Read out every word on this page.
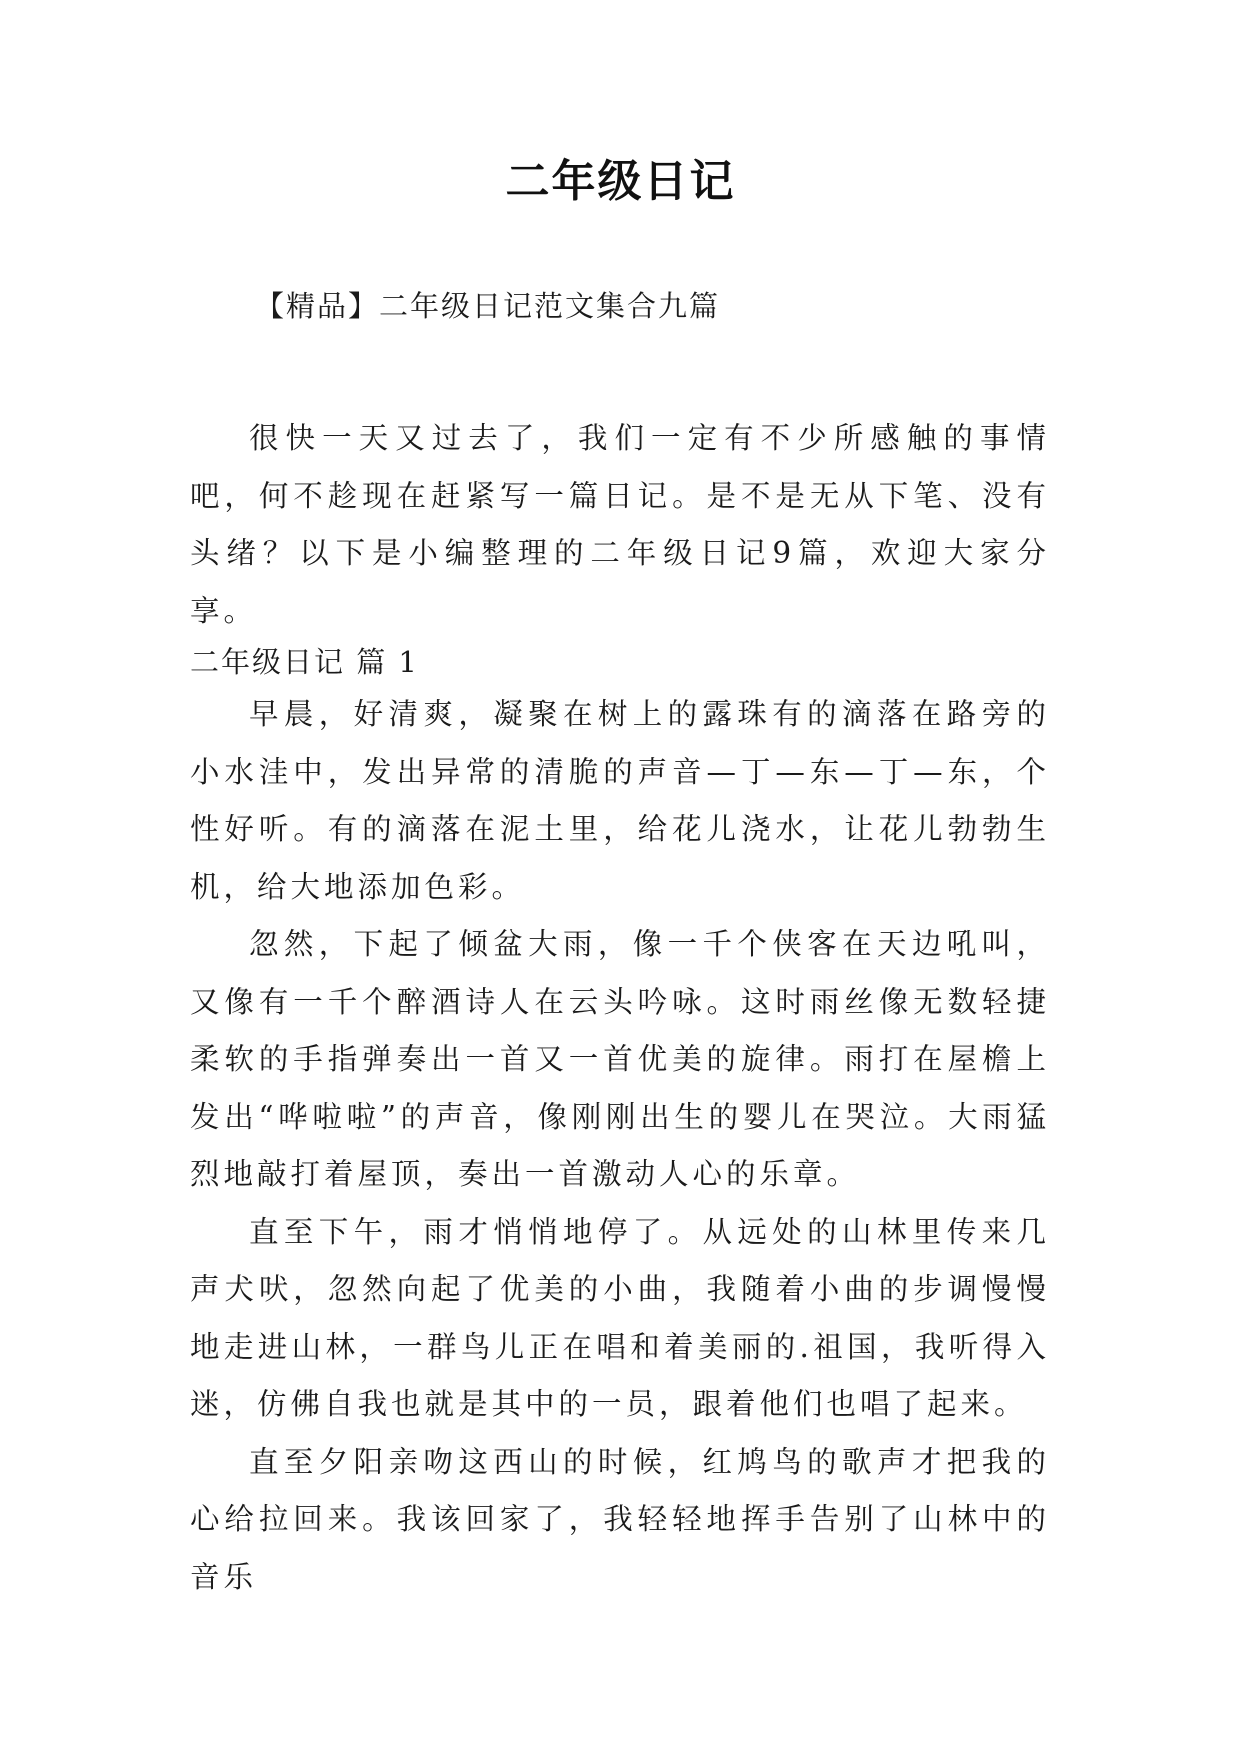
二年级日记
【精品】二年级日记范文集合九篇

很快一天又过去了，我们一定有不少所感触的事情吧，何不趁现在赶紧写一篇日记。是不是无从下笔、没有头绪？以下是小编整理的二年级日记9篇，欢迎大家分享。

二年级日记 篇 1

早晨，好清爽，凝聚在树上的露珠有的滴落在路旁的小水洼中，发出异常的清脆的声音—丁—东—丁—东，个性好听。有的滴落在泥土里，给花儿浇水，让花儿勃勃生机，给大地添加色彩。

忽然，下起了倾盆大雨，像一千个侠客在天边吼叫，又像有一千个醉酒诗人在云头吟咏。这时雨丝像无数轻捷柔软的手指弹奏出一首又一首优美的旋律。雨打在屋檐上发出“哗啦啦”的声音，像刚刚出生的婴儿在哭泣。大雨猛烈地敲打着屋顶，奏出一首激动人心的乐章。

直至下午，雨才悄悄地停了。从远处的山林里传来几声犬吠，忽然向起了优美的小曲，我随着小曲的步调慢慢地走进山林，一群鸟儿正在唱和着美丽的.祖国，我听得入迷，仿佛自我也就是其中的一员，跟着他们也唱了起来。

直至夕阳亲吻这西山的时候，红鸠鸟的歌声才把我的心给拉回来。我该回家了，我轻轻地挥手告别了山林中的音乐
